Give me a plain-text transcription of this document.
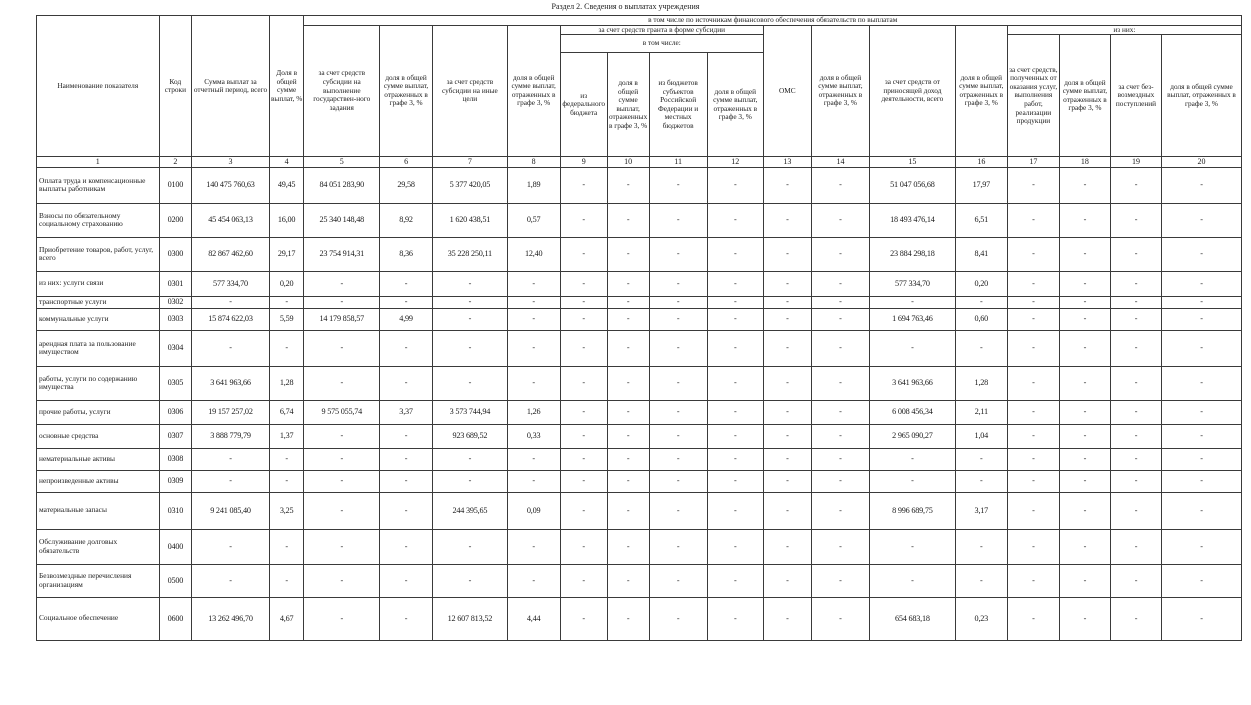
Раздел 2. Сведения о выплатах учреждения
Наименование показателя	Код строки	Сумма выплат за отчетный период, всего	Доля в общей сумме выплат, %	в том числе по источникам финансового обеспечения обязательств по выплатам															
				за счет средств субсидии на выполнение государствен-ного задания	доля в общей сумме выплат, отраженных в графе 3, %	за счет средств субсидии на иные цели	доля в общей сумме выплат, отраженных в графе 3, %	за счет средств гранта в форме субсидии				ОМС	доля в общей сумме выплат, отраженных в графе 3, %	за счет средств от приносящей доход деятельности, всего	доля в общей сумме выплат, отраженных в графе 3, %	из них:			
								в том числе:								за счет средств, полученных от оказания услуг, выполнения работ, реализации продукции	доля в общей сумме выплат, отраженных в графе 3, %	за счет без-возмездных поступлений	доля в общей сумме выплат, отраженных в графе 3, %
								из федерального бюджета	доля в общей сумме выплат, отраженных в графе 3, %	из бюджетов субъектов Российской Федерации и местных бюджетов	доля в общей сумме выплат, отраженных в графе 3, %								
1	2	3	4	5	6	7	8	9	10	11	12	13	14	15	16	17	18	19	20
Оплата труда и компенсационные выплаты работникам	0100	140 475 760,63	49,45	84 051 283,90	29,58	5 377 420,05	1,89	-	-	-	-	-	-	51 047 056,68	17,97	-	-	-	-
Взносы по обязательному социальному страхованию	0200	45 454 063,13	16,00	25 340 148,48	8,92	1 620 438,51	0,57	-	-	-	-	-	-	18 493 476,14	6,51	-	-	-	-
Приобретение товаров, работ, услуг, всего	0300	82 867 462,60	29,17	23 754 914,31	8,36	35 228 250,11	12,40	-	-	-	-	-	-	23 884 298,18	8,41	-	-	-	-
из них: услуги связи	0301	577 334,70	0,20	-	-	-	-	-	-	-	-	-	-	577 334,70	0,20	-	-	-	-
транспортные услуги	0302	-	-	-	-	-	-	-	-	-	-	-	-	-	-	-	-	-	-
коммунальные услуги	0303	15 874 622,03	5,59	14 179 858,57	4,99	-	-	-	-	-	-	-	-	1 694 763,46	0,60	-	-	-	-
арендная плата за пользование имуществом	0304	-	-	-	-	-	-	-	-	-	-	-	-	-	-	-	-	-	-
работы, услуги по содержанию имущества	0305	3 641 963,66	1,28	-	-	-	-	-	-	-	-	-	-	3 641 963,66	1,28	-	-	-	-
прочие работы, услуги	0306	19 157 257,02	6,74	9 575 055,74	3,37	3 573 744,94	1,26	-	-	-	-	-	-	6 008 456,34	2,11	-	-	-	-
основные средства	0307	3 888 779,79	1,37	-	-	923 689,52	0,33	-	-	-	-	-	-	2 965 090,27	1,04	-	-	-	-
нематериальные активы	0308	-	-	-	-	-	-	-	-	-	-	-	-	-	-	-	-	-	-
непроизведенные активы	0309	-	-	-	-	-	-	-	-	-	-	-	-	-	-	-	-	-	-
материальные запасы	0310	9 241 085,40	3,25	-	-	244 395,65	0,09	-	-	-	-	-	-	8 996 689,75	3,17	-	-	-	-
Обслуживание долговых обязательств	0400	-	-	-	-	-	-	-	-	-	-	-	-	-	-	-	-	-	-
Безвозмездные перечисления организациям	0500	-	-	-	-	-	-	-	-	-	-	-	-	-	-	-	-	-	-
Социальное обеспечение	0600	13 262 496,70	4,67	-	-	12 607 813,52	4,44	-	-	-	-	-	-	654 683,18	0,23	-	-	-	-
